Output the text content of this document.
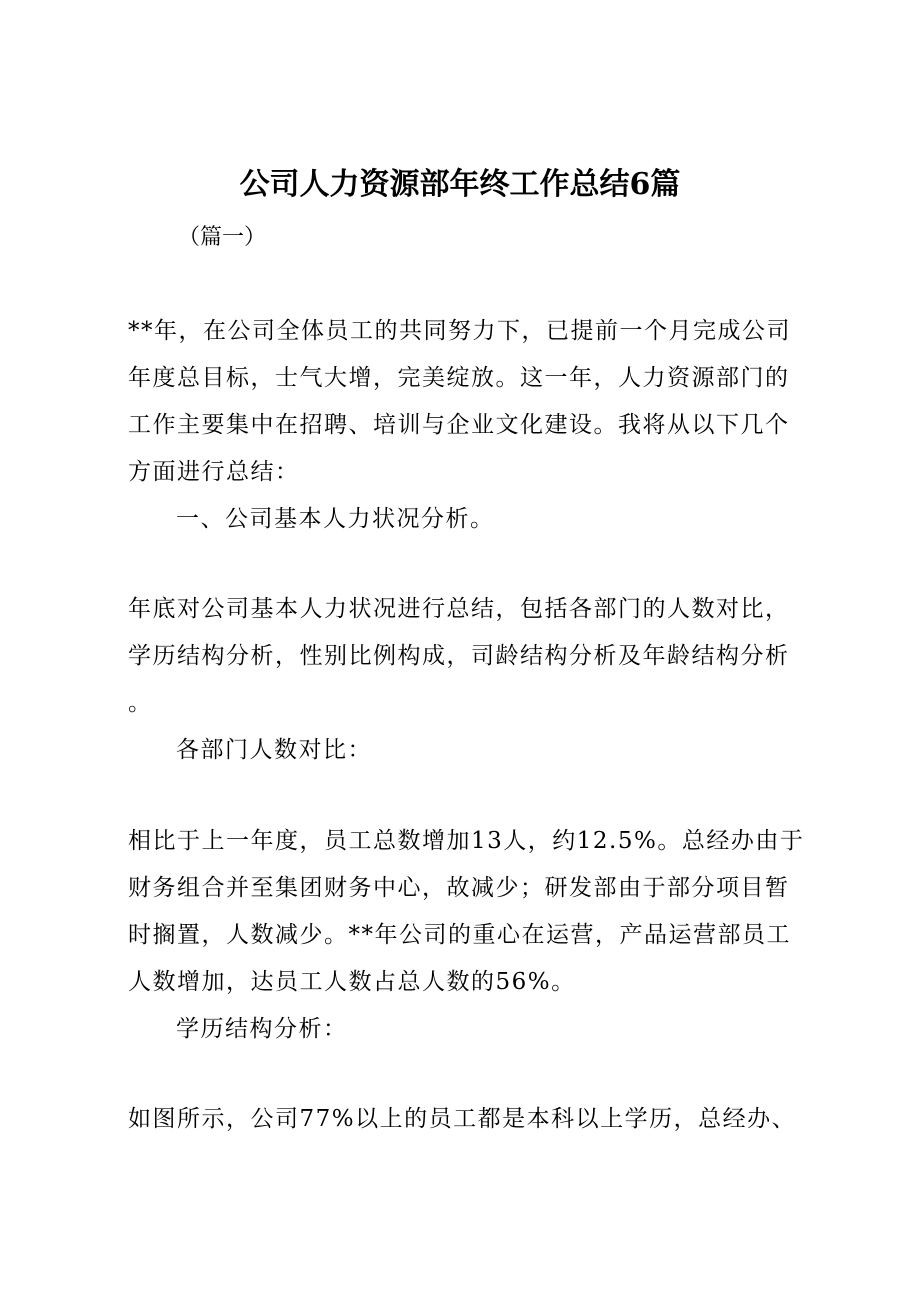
公司人力资源部年终工作总结6篇
（篇一）
**年，在公司全体员工的共同努力下，已提前一个月完成公司
年度总目标，士气大增，完美绽放。这一年，人力资源部门的
工作主要集中在招聘、培训与企业文化建设。我将从以下几个
方面进行总结：
一、公司基本人力状况分析。
年底对公司基本人力状况进行总结，包括各部门的人数对比，
学历结构分析，性别比例构成，司龄结构分析及年龄结构分析
。
各部门人数对比：
相比于上一年度，员工总数增加13人，约12.5%。总经办由于
财务组合并至集团财务中心，故减少；研发部由于部分项目暂
时搁置，人数减少。**年公司的重心在运营，产品运营部员工
人数增加，达员工人数占总人数的56%。
学历结构分析：
如图所示，公司77%以上的员工都是本科以上学历，总经办、
